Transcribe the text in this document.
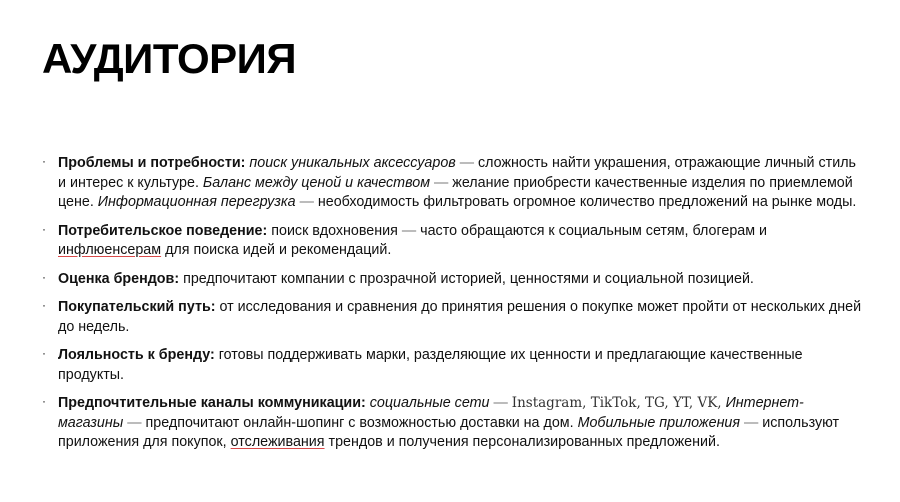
АУДИТОРИЯ
· Проблемы и потребности: поиск уникальных аксессуаров — сложность найти украшения, отражающие личный стиль и интерес к культуре. Баланс между ценой и качеством — желание приобрести качественные изделия по приемлемой цене. Информационная перегрузка — необходимость фильтровать огромное количество предложений на рынке моды.
· Потребительское поведение: поиск вдохновения — часто обращаются к социальным сетям, блогерам и инфлюенсерам для поиска идей и рекомендаций.
· Оценка брендов: предпочитают компании с прозрачной историей, ценностями и социальной позицией.
· Покупательский путь: от исследования и сравнения до принятия решения о покупке может пройти от нескольких дней до недель.
· Лояльность к бренду: готовы поддерживать марки, разделяющие их ценности и предлагающие качественные продукты.
· Предпочтительные каналы коммуникации: социальные сети — Instagram, TikTok, TG, YT, VK, Интернет-магазины — предпочитают онлайн-шопинг с возможностью доставки на дом. Мобильные приложения — используют приложения для покупок, отслеживания трендов и получения персонализированных предложений.
